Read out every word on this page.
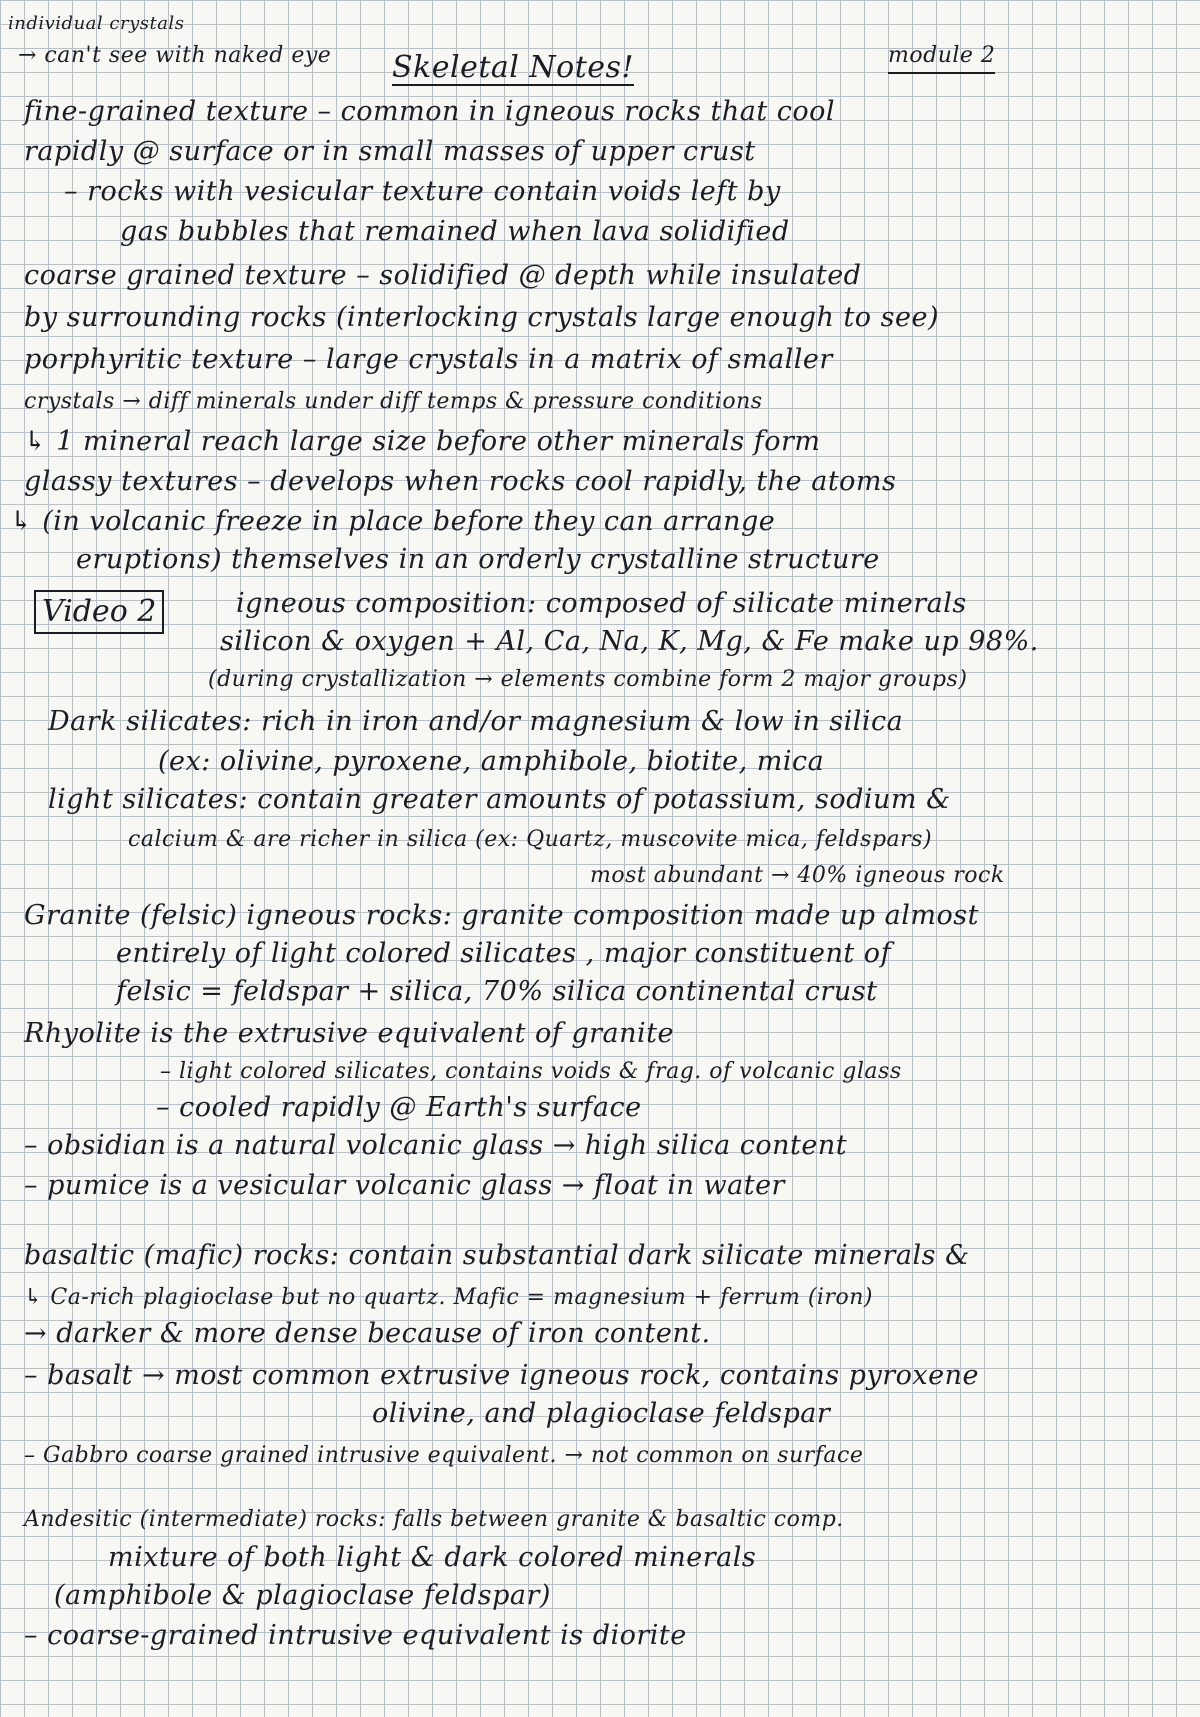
individual crystals
→ can't see with naked eye Skeletal Notes!	module 2
fine-grained texture – common in igneous rocks that cool
rapidly @ surface or in small masses of upper crust
– rocks with vesicular texture contain voids left by
gas bubbles that remained when lava solidified
coarse grained texture – solidified @ depth while insulated
by surrounding rocks (interlocking crystals large enough to see)
porphyritic texture – large crystals in a matrix of smaller
crystals → diff minerals under diff temps & pressure conditions
↳ 1 mineral reach large size before other minerals form
glassy textures – develops when rocks cool rapidly, the atoms
↳ (in volcanic freeze in place before they can arrange
eruptions) themselves in an orderly crystalline structure
Video 2	igneous composition: composed of silicate minerals
silicon & oxygen + Al, Ca, Na, K, Mg, & Fe make up 98%.
(during crystallization → elements combine form 2 major groups)
Dark silicates: rich in iron and/or magnesium & low in silica
(ex: olivine, pyroxene, amphibole, biotite, mica
light silicates: contain greater amounts of potassium, sodium &
calcium & are richer in silica (ex: Quartz, muscovite mica, feldspars)
most abundant → 40% igneous rock
Granite (felsic) igneous rocks: granite composition made up almost
entirely of light colored silicates , major constituent of
felsic = feldspar + silica, 70% silica continental crust
Rhyolite is the extrusive equivalent of granite
– light colored silicates, contains voids & frag. of volcanic glass
– cooled rapidly @ Earth's surface
– obsidian is a natural volcanic glass → high silica content
– pumice is a vesicular volcanic glass → float in water
basaltic (mafic) rocks: contain substantial dark silicate minerals &
↳ Ca-rich plagioclase but no quartz. Mafic = magnesium + ferrum (iron)
→ darker & more dense because of iron content.
– basalt → most common extrusive igneous rock, contains pyroxene
olivine, and plagioclase feldspar
– Gabbro coarse grained intrusive equivalent. → not common on surface
Andesitic (intermediate) rocks: falls between granite & basaltic comp.
mixture of both light & dark colored minerals
(amphibole & plagioclase feldspar)
– coarse-grained intrusive equivalent is diorite
